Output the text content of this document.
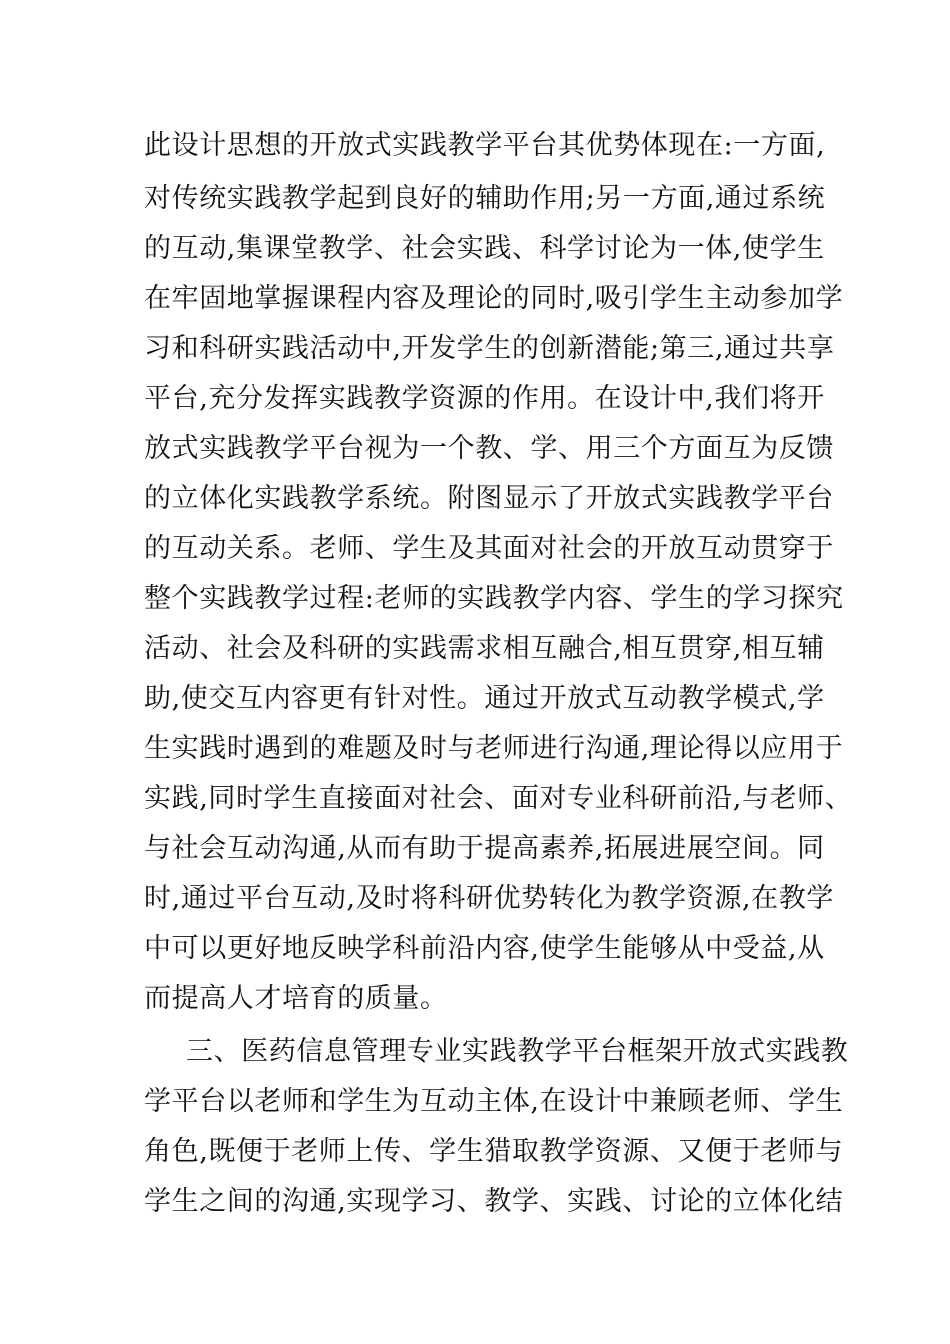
此设计思想的开放式实践教学平台其优势体现在:一方面,
对传统实践教学起到良好的辅助作用;另一方面,通过系统
的互动,集课堂教学、社会实践、科学讨论为一体,使学生
在牢固地掌握课程内容及理论的同时,吸引学生主动参加学
习和科研实践活动中,开发学生的创新潜能;第三,通过共享
平台,充分发挥实践教学资源的作用。在设计中,我们将开
放式实践教学平台视为一个教、学、用三个方面互为反馈
的立体化实践教学系统。附图显示了开放式实践教学平台
的互动关系。老师、学生及其面对社会的开放互动贯穿于
整个实践教学过程:老师的实践教学内容、学生的学习探究
活动、社会及科研的实践需求相互融合,相互贯穿,相互辅
助,使交互内容更有针对性。通过开放式互动教学模式,学
生实践时遇到的难题及时与老师进行沟通,理论得以应用于
实践,同时学生直接面对社会、面对专业科研前沿,与老师、
与社会互动沟通,从而有助于提高素养,拓展进展空间。同
时,通过平台互动,及时将科研优势转化为教学资源,在教学
中可以更好地反映学科前沿内容,使学生能够从中受益,从
而提高人才培育的质量。
三、医药信息管理专业实践教学平台框架开放式实践教
学平台以老师和学生为互动主体,在设计中兼顾老师、学生
角色,既便于老师上传、学生猎取教学资源、又便于老师与
学生之间的沟通,实现学习、教学、实践、讨论的立体化结
